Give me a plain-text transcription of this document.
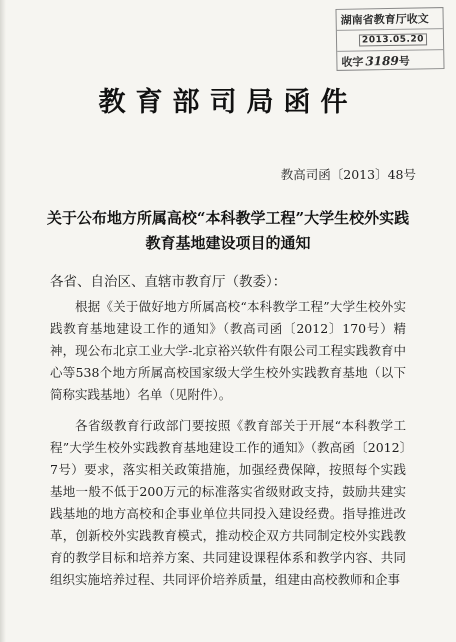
湖南省教育厅收文
2013.05.20
收字 3189 号
教育部司局函件
教高司函〔2013〕48号
关于公布地方所属高校“本科教学工程”大学生校外实践教育基地建设项目的通知
各省、自治区、直辖市教育厅（教委）：

根据《关于做好地方所属高校“本科教学工程”大学生校外实践教育基地建设工作的通知》（教高司函〔2012〕170号）精神，现公布北京工业大学-北京裕兴软件有限公司工程实践教育中心等538个地方所属高校国家级大学生校外实践教育基地（以下简称实践基地）名单（见附件）。

各省级教育行政部门要按照《教育部关于开展“本科教学工程”大学生校外实践教育基地建设工作的通知》（教高函〔2012〕7号）要求，落实相关政策措施，加强经费保障，按照每个实践基地一般不低于200万元的标准落实省级财政支持，鼓励共建实践基地的地方高校和企事业单位共同投入建设经费。指导推进改革，创新校外实践教育模式，推动校企双方共同制定校外实践教育的教学目标和培养方案、共同建设课程体系和教学内容、共同组织实施培养过程、共同评价培养质量，组建由高校教师和企事
